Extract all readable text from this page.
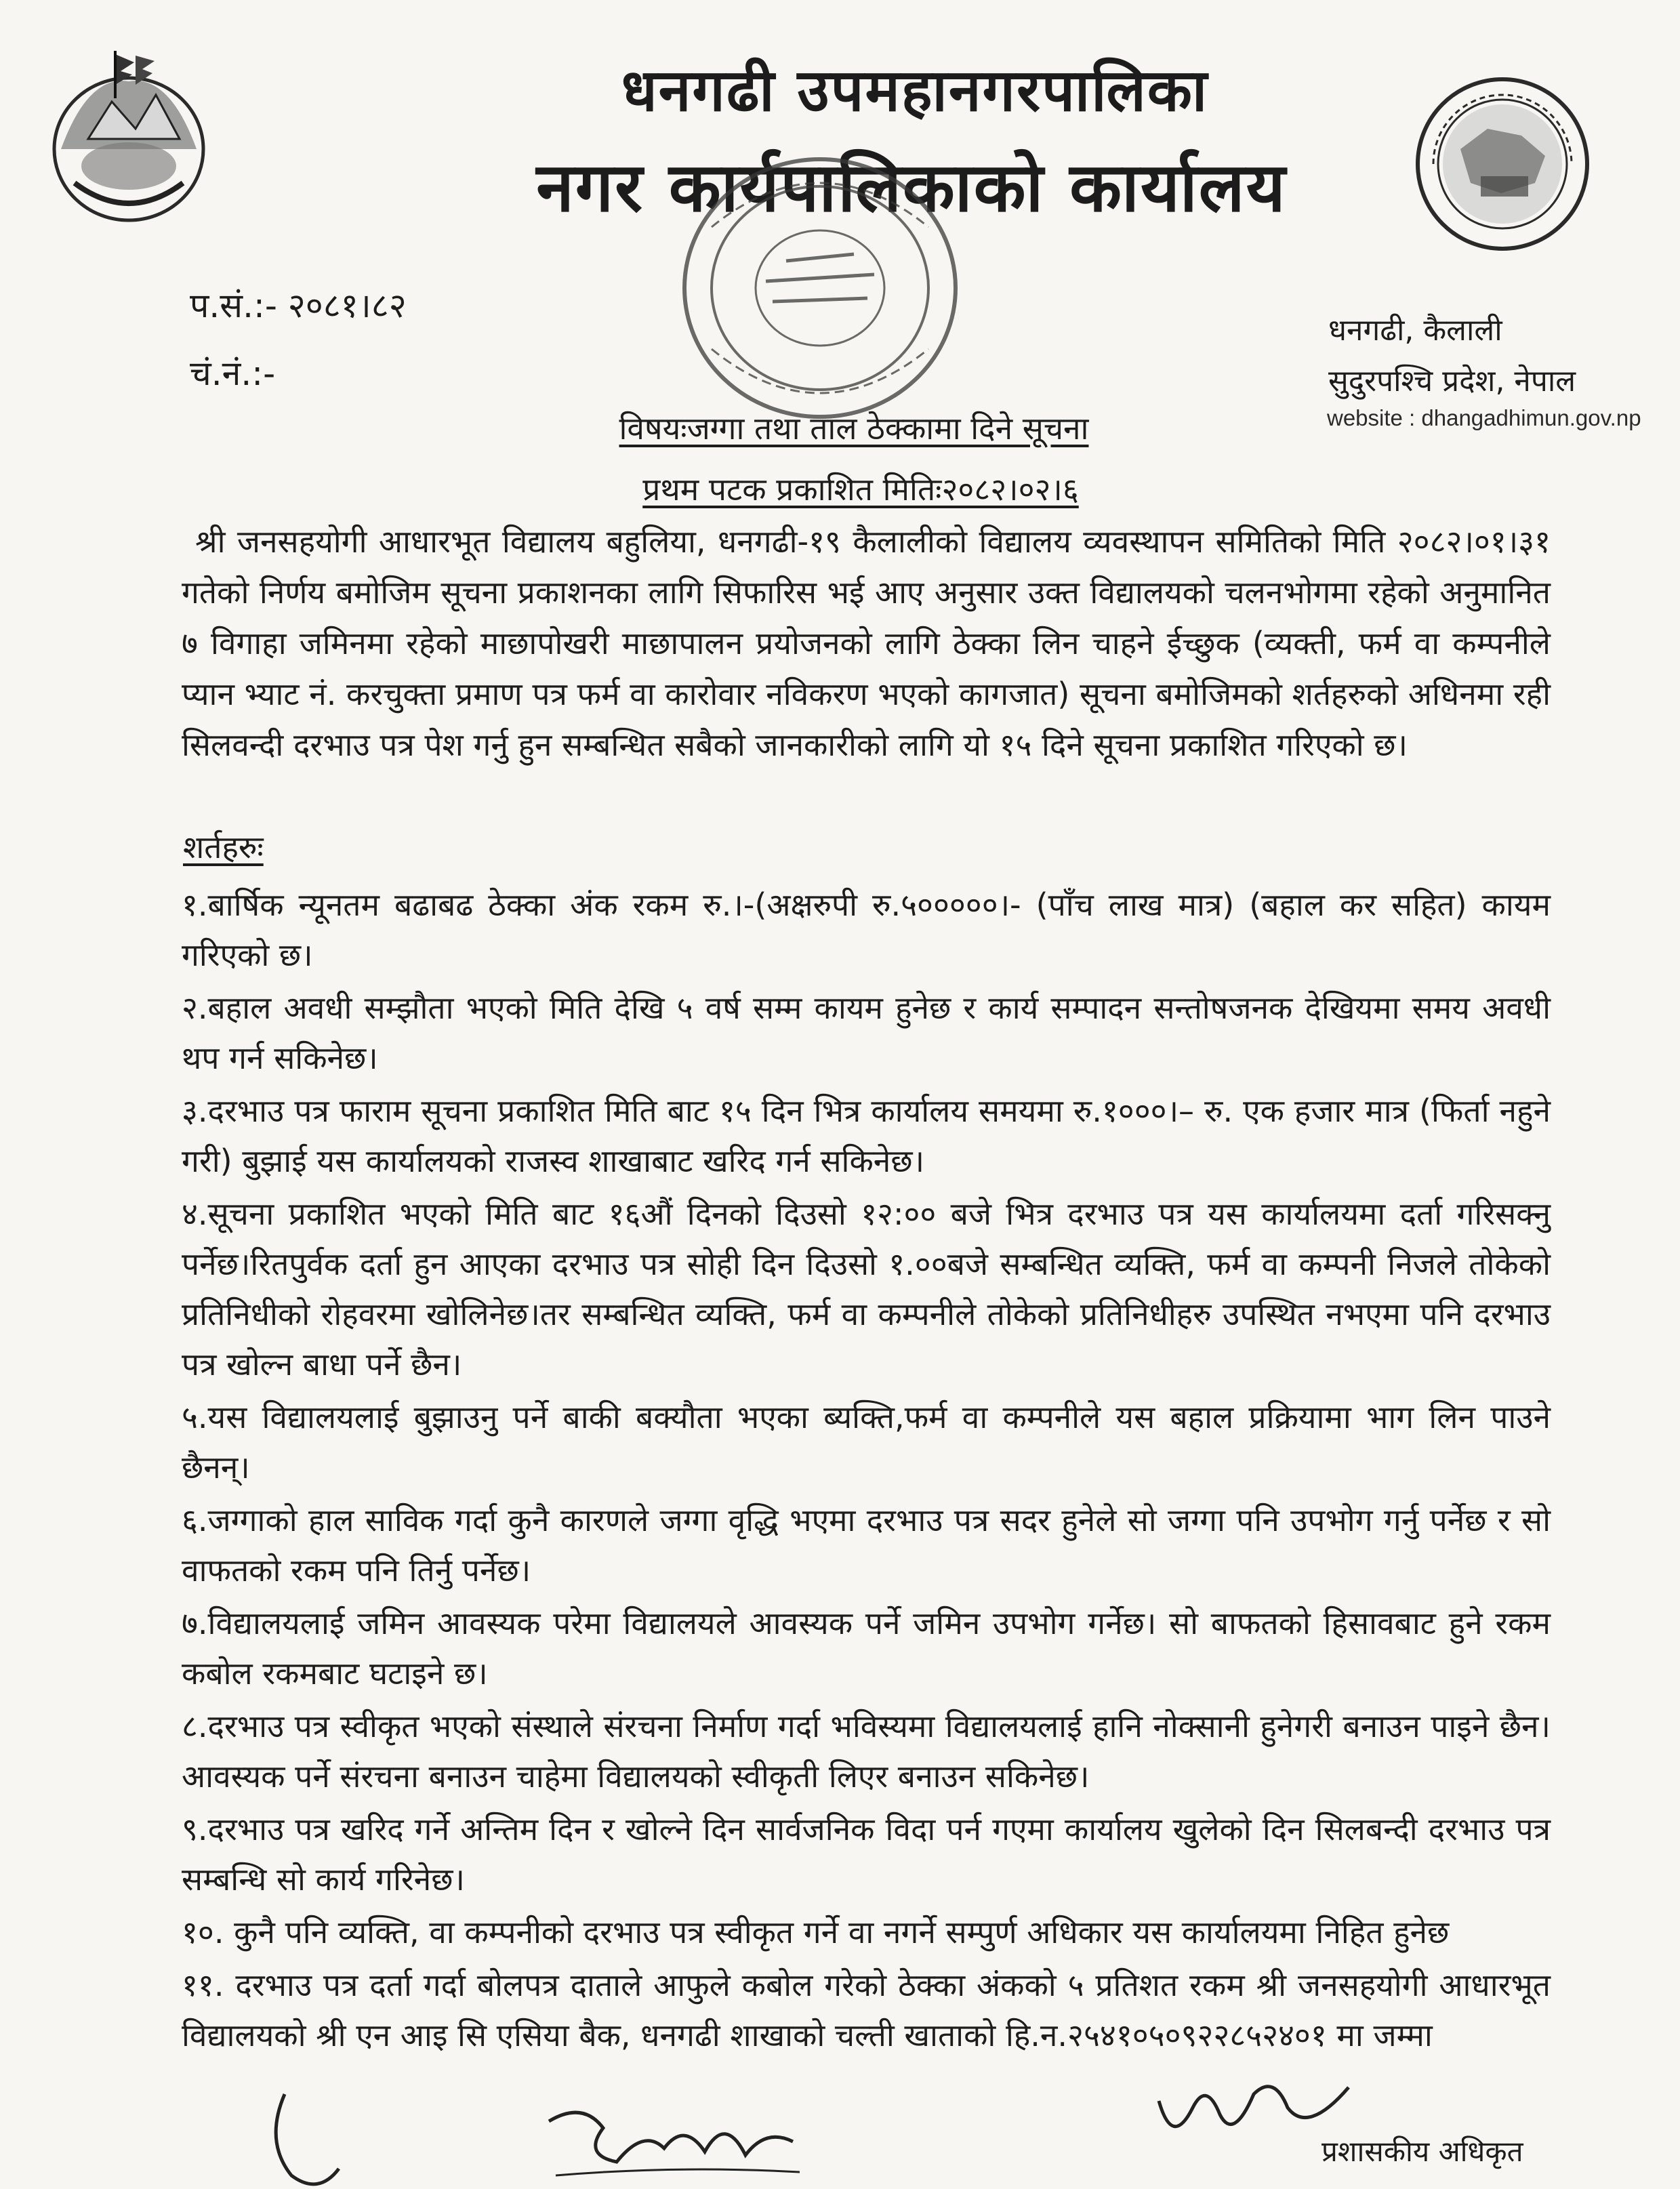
धनगढी उपमहानगरपालिका
नगर कार्यपालिकाको कार्यालय
प.सं.:- २०८१।८२
चं.नं.:-
धनगढी, कैलाली
सुदुरपश्चि प्रदेश, नेपाल
website : dhangadhimun.gov.np
विषयःजग्गा तथा ताल ठेक्कामा दिने सूचना
प्रथम पटक प्रकाशित मितिः२०८२।०२।६
श्री जनसहयोगी आधारभूत विद्यालय बहुलिया, धनगढी-१९ कैलालीको विद्यालय व्यवस्थापन समितिको मिति २०८२।०१।३१ गतेको निर्णय बमोजिम सूचना प्रकाशनका लागि सिफारिस भई आए अनुसार उक्त विद्यालयको चलनभोगमा रहेको अनुमानित ७ विगाहा जमिनमा रहेको माछापोखरी माछापालन प्रयोजनको लागि ठेक्का लिन चाहने ईच्छुक (व्यक्ती, फर्म वा कम्पनीले प्यान भ्याट नं. करचुक्ता प्रमाण पत्र फर्म वा कारोवार नविकरण भएको कागजात) सूचना बमोजिमको शर्तहरुको अधिनमा रही सिलवन्दी दरभाउ पत्र पेश गर्नु हुन सम्बन्धित सबैको जानकारीको लागि यो १५ दिने सूचना प्रकाशित गरिएको छ।
शर्तहरुः
१.बार्षिक न्यूनतम बढाबढ ठेक्का अंक रकम रु.।-(अक्षरुपी रु.५०००००।- (पाँच लाख मात्र) (बहाल कर सहित) कायम गरिएको छ।
२.बहाल अवधी सम्झौता भएको मिति देखि ५ वर्ष सम्म कायम हुनेछ र कार्य सम्पादन सन्तोषजनक देखियमा समय अवधी थप गर्न सकिनेछ।
३.दरभाउ पत्र फाराम सूचना प्रकाशित मिति बाट १५ दिन भित्र कार्यालय समयमा रु.१०००।– रु. एक हजार मात्र (फिर्ता नहुने गरी) बुझाई यस कार्यालयको राजस्व शाखाबाट खरिद गर्न सकिनेछ।
४.सूचना प्रकाशित भएको मिति बाट १६औं दिनको दिउसो १२:०० बजे भित्र दरभाउ पत्र यस कार्यालयमा दर्ता गरिसक्नु पर्नेछ।रितपुर्वक दर्ता हुन आएका दरभाउ पत्र सोही दिन दिउसो १.००बजे सम्बन्धित व्यक्ति, फर्म वा कम्पनी निजले तोकेको प्रतिनिधीको रोहवरमा खोलिनेछ।तर सम्बन्धित व्यक्ति, फर्म वा कम्पनीले तोकेको प्रतिनिधीहरु उपस्थित नभएमा पनि दरभाउ पत्र खोल्न बाधा पर्ने छैन।
५.यस विद्यालयलाई बुझाउनु पर्ने बाकी बक्यौता भएका ब्यक्ति,फर्म वा कम्पनीले यस बहाल प्रक्रियामा भाग लिन पाउने छैनन्।
६.जग्गाको हाल साविक गर्दा कुनै कारणले जग्गा वृद्धि भएमा दरभाउ पत्र सदर हुनेले सो जग्गा पनि उपभोग गर्नु पर्नेछ र सो वाफतको रकम पनि तिर्नु पर्नेछ।
७.विद्यालयलाई जमिन आवस्यक परेमा विद्यालयले आवस्यक पर्ने जमिन उपभोग गर्नेछ। सो बाफतको हिसावबाट हुने रकम कबोल रकमबाट घटाइने छ।
८.दरभाउ पत्र स्वीकृत भएको संस्थाले संरचना निर्माण गर्दा भविस्यमा विद्यालयलाई हानि नोक्सानी हुनेगरी बनाउन पाइने छैन। आवस्यक पर्ने संरचना बनाउन चाहेमा विद्यालयको स्वीकृती लिएर बनाउन सकिनेछ।
९.दरभाउ पत्र खरिद गर्ने अन्तिम दिन र खोल्ने दिन सार्वजनिक विदा पर्न गएमा कार्यालय खुलेको दिन सिलबन्दी दरभाउ पत्र सम्बन्धि सो कार्य गरिनेछ।
१०. कुनै पनि व्यक्ति, वा कम्पनीको दरभाउ पत्र स्वीकृत गर्ने वा नगर्ने सम्पुर्ण अधिकार यस कार्यालयमा निहित हुनेछ
११. दरभाउ पत्र दर्ता गर्दा बोलपत्र दाताले आफुले कबोल गरेको ठेक्का अंकको ५ प्रतिशत रकम श्री जनसहयोगी आधारभूत विद्यालयको श्री एन आइ सि एसिया बैक, धनगढी शाखाको चल्ती खाताको हि.न.२५४१०५०९२२८५२४०१ मा जम्मा
प्रशासकीय अधिकृत
